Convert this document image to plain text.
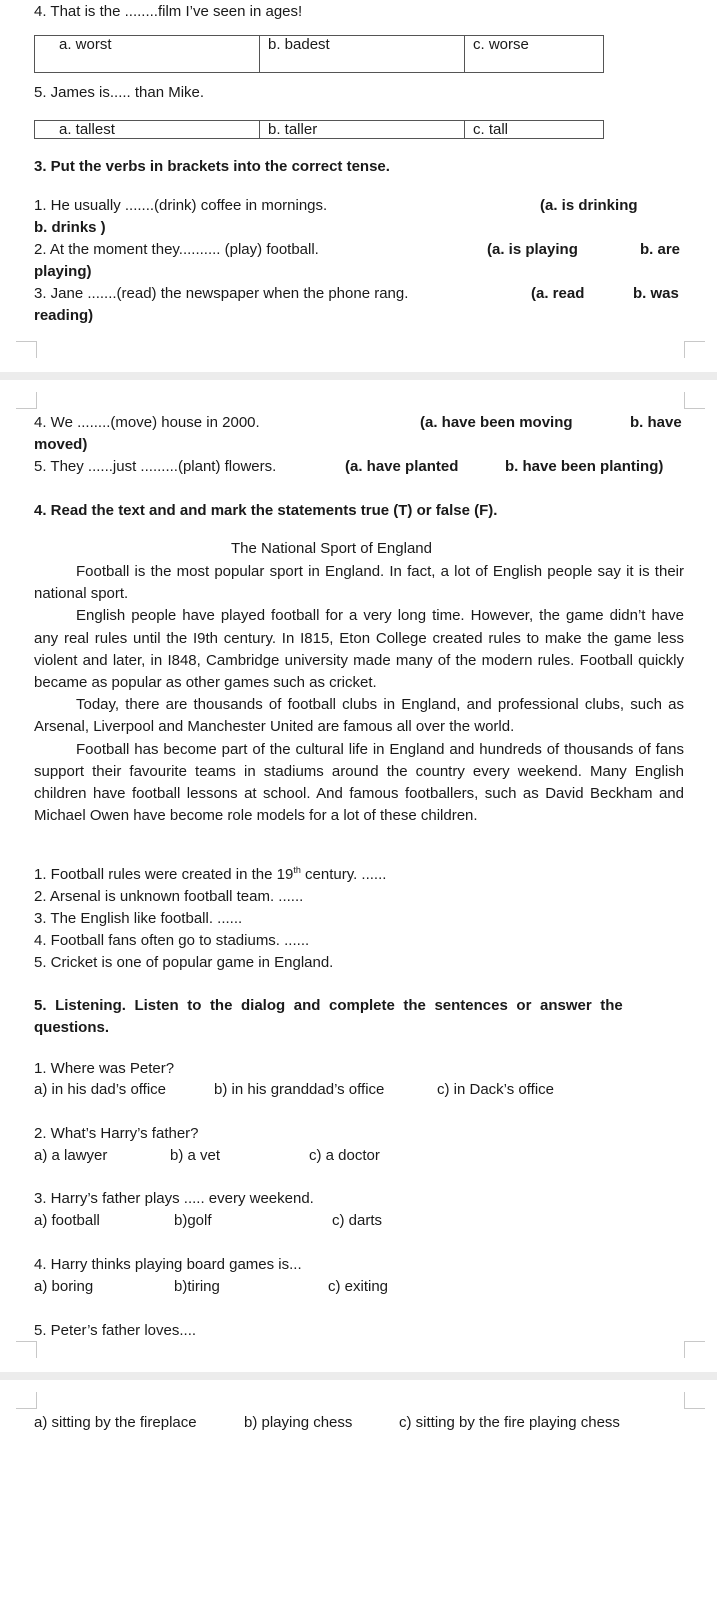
4. That is the ........film I’ve seen in ages!
a. worst	b. badest	c. worse
5. James is..... than Mike.
a. tallest	b. taller	c. tall
3. Put the verbs in brackets into the correct tense.
1. He usually .......(drink) coffee in mornings.	(a. is drinking
b. drinks )
2. At the moment they.......... (play) football.	(a. is playing	b. are
playing)
3. Jane .......(read) the newspaper when the phone rang.	(a. read	b. was
reading)
4. We ........(move) house in 2000.	(a. have been moving	b. have
moved)
5. They ......just .........(plant) flowers.	(a. have planted	b. have been planting)
4. Read the text and and mark the statements true (T) or false (F).
The National Sport of England

Football is the most popular sport in England. In fact, a lot of English people say it is their national sport.

English people have played football for a very long time. However, the game didn’t have any real rules until the I9th century. In I815, Eton College created rules to make the game less violent and later, in I848, Cambridge university made many of the modern rules. Football quickly became as popular as other games such as cricket.

Today, there are thousands of football clubs in England, and professional clubs, such as Arsenal, Liverpool and Manchester United are famous all over the world.

Football has become part of the cultural life in England and hundreds of thousands of fans support their favourite teams in stadiums around the country every weekend. Many English children have football lessons at school. And famous footballers, such as David Beckham and Michael Owen have become role models for a lot of these children.

1. Football rules were created in the 19th century. ......
2. Arsenal is unknown football team. ......
3. The English like football. ......
4. Football fans often go to stadiums. ......
5. Cricket is one of popular game in England.
5. Listening. Listen to the dialog and complete the sentences or answer the
questions.
1. Where was Peter?
a) in his dad’s office	b) in his granddad’s office	c) in Dack’s office
2. What’s Harry’s father?
a) a lawyer	b) a vet	c) a doctor
3. Harry’s father plays ..... every weekend.
a) football	b)golf	c) darts
4. Harry thinks playing board games is...
a) boring	b)tiring	c) exiting
5. Peter’s father loves....
a) sitting by the fireplace	b) playing chess	c) sitting by the fire playing chess
